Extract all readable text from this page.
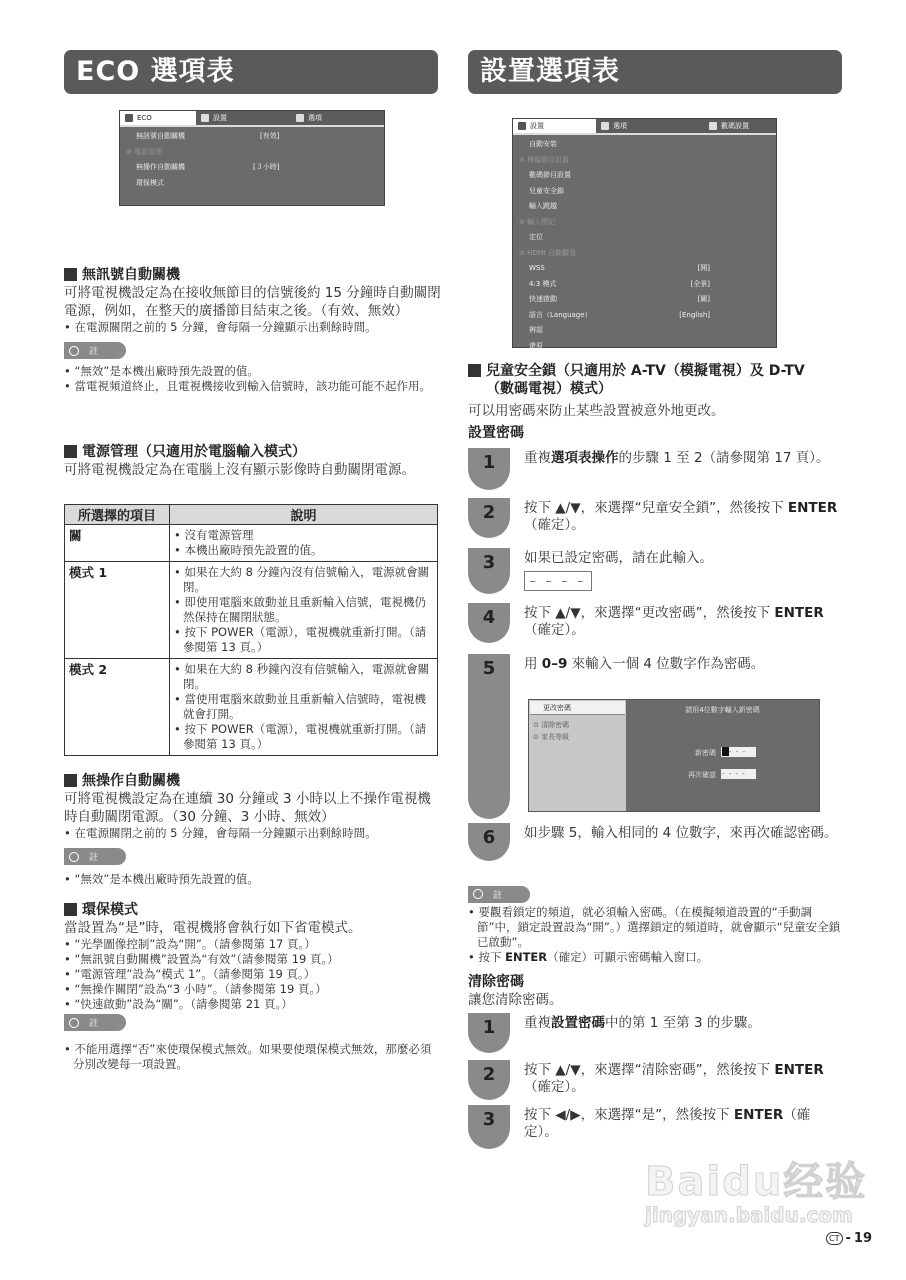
ECO 選項表
ECO	設置	選項
無訊號自動關機	[有效]
⊘ 電源管理
無操作自動關機	[３小時]
環保模式
無訊號自動關機
可將電視機設定為在接收無節目的信號後約 15 分鐘時自動關閉電源，例如，在整天的廣播節目結束之後。（有效、無效）
• 在電源關閉之前的 5 分鐘，會每隔一分鐘顯示出剩餘時間。
註
• “無效”是本機出廠時預先設置的值。
• 當電視頻道終止，且電視機接收到輸入信號時，該功能可能不起作用。
電源管理（只適用於電腦輸入模式）
可將電視機設定為在電腦上沒有顯示影像時自動關閉電源。
所選擇的項目	說明
關	• 沒有電源管理
• 本機出廠時預先設置的值。

模式 1	• 如果在大約 8 分鐘內沒有信號輸入，電源就會關閉。
• 即使用電腦來啟動並且重新輸入信號，電視機仍然保持在關閉狀態。
• 按下 POWER（電源），電視機就重新打開。（請參閱第 13 頁。）

模式 2	• 如果在大約 8 秒鐘內沒有信號輸入，電源就會關閉。
• 當使用電腦來啟動並且重新輸入信號時，電視機就會打開。
• 按下 POWER（電源），電視機就重新打開。（請參閱第 13 頁。）
無操作自動關機
可將電視機設定為在連續 30 分鐘或 3 小時以上不操作電視機時自動關閉電源。（30 分鐘、3 小時、無效）
• 在電源關閉之前的 5 分鐘，會每隔一分鐘顯示出剩餘時間。
註
• “無效”是本機出廠時預先設置的值。
環保模式
當設置為“是”時，電視機將會執行如下省電模式。
• “光學圖像控制”設為“開”。（請參閱第 17 頁。）
• “無訊號自動關機”設置為“有效”（請參閱第 19 頁。）
• “電源管理”設為“模式 1”。（請參閱第 19 頁。）
• “無操作關閉”設為“3 小時”。（請參閱第 19 頁。）
• “快速啟動”設為“關”。（請參閱第 21 頁。）
註
• 不能用選擇“否”來使環保模式無效。如果要使環保模式無效，那麼必須分別改變每一項設置。
設置選項表
設置	選項	數碼設置
自動安裝
⊘ 模擬節目設置
數碼節目設置
兒童安全鎖
輸入跳越
⊘ 輸入標記
定位
⊘ HDMI 自動觀看
WSS	[開]
4:3 模式	[全景]
快速啟動	[關]
語言（Language）	[English]
辨認
還原
兒童安全鎖（只適用於 A-TV（模擬電視）及 D-TV
（數碼電視）模式）
可以用密碼來防止某些設置被意外地更改。
設置密碼
1	重複選項表操作的步驟 1 至 2（請參閱第 17 頁）。
2	按下 ▲/▼，來選擇“兒童安全鎖”，然後按下 ENTER（確定）。
3	如果已設定密碼，請在此輸入。
– – – –
4	按下 ▲/▼，來選擇“更改密碼”，然後按下 ENTER（確定）。
5	用 0–9 來輸入一個 4 位數字作為密碼。
更改密碼
⊙ 清除密碼
⊙ 家長等級
請用4位數字輸入新密碼
新密碼	- - -
再次確認 - - - -
6	如步驟 5，輸入相同的 4 位數字，來再次確認密碼。
註
• 要觀看鎖定的頻道，就必須輸入密碼。（在模擬頻道設置的“手動調節”中，鎖定設置設為“開”。）選擇鎖定的頻道時，就會顯示“兒童安全鎖已啟動”。
• 按下 ENTER（確定）可顯示密碼輸入窗口。
清除密碼
讓您清除密碼。
1	重複設置密碼中的第 1 至第 3 的步驟。
2	按下 ▲/▼，來選擇“清除密碼”，然後按下 ENTER（確定）。
3	按下 ◀/▶，來選擇“是”，然後按下 ENTER（確定）。
Baidu经验
jingyan.baidu.com
CT - 19
